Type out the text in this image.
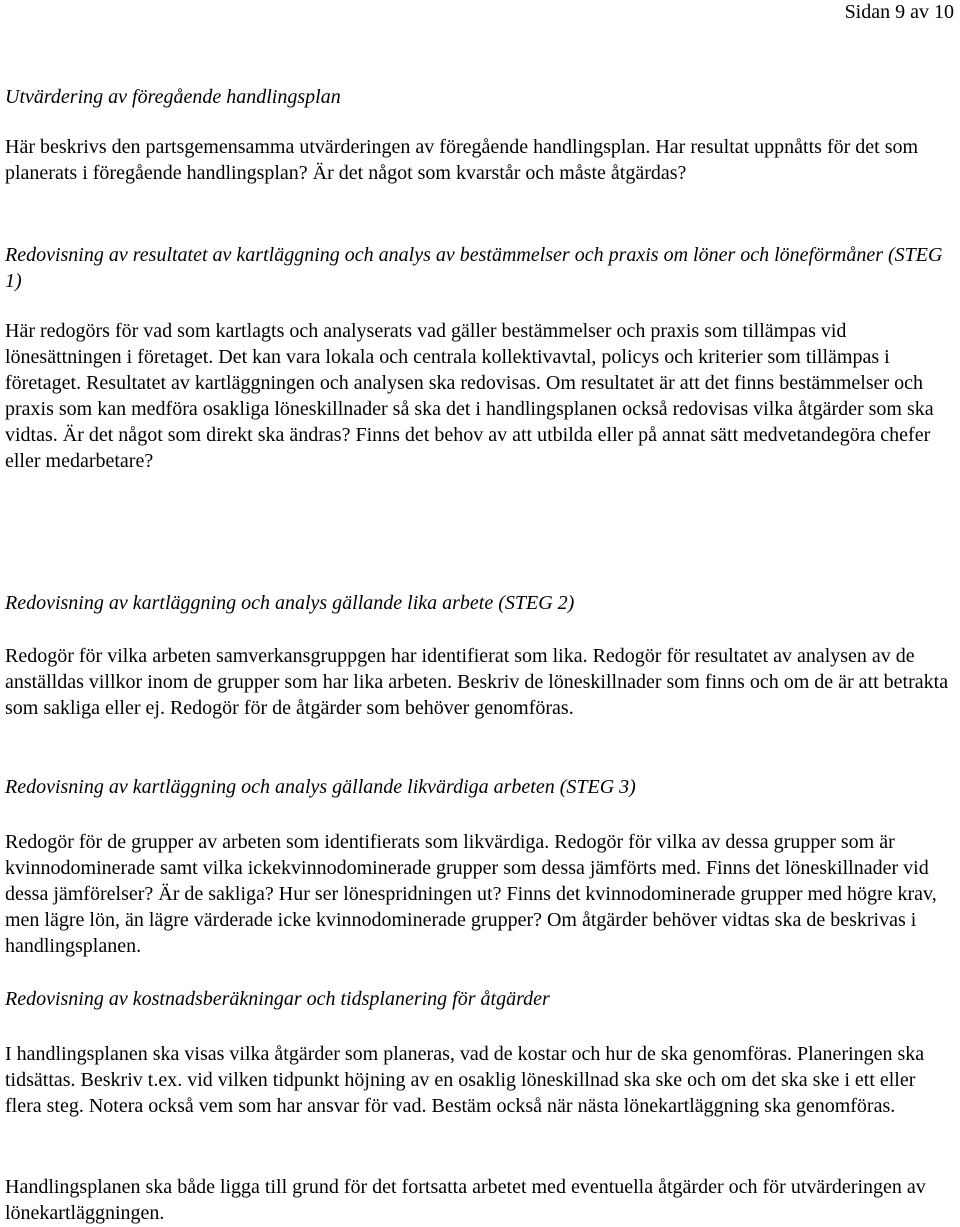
Sidan 9 av 10

Utvärdering av föregående handlingsplan

Här beskrivs den partsgemensamma utvärderingen av föregående handlingsplan. Har resultat uppnåtts för det som planerats i föregående handlingsplan? Är det något som kvarstår och måste åtgärdas?

Redovisning av resultatet av kartläggning och analys av bestämmelser och praxis om löner och löneförmåner (STEG 1)

Här redogörs för vad som kartlagts och analyserats vad gäller bestämmelser och praxis som tillämpas vid lönesättningen i företaget. Det kan vara lokala och centrala kollektivavtal, policys och kriterier som tillämpas i företaget. Resultatet av kartläggningen och analysen ska redovisas. Om resultatet är att det finns bestämmelser och praxis som kan medföra osakliga löneskillnader så ska det i handlingsplanen också redovisas vilka åtgärder som ska vidtas. Är det något som direkt ska ändras? Finns det behov av att utbilda eller på annat sätt medvetandegöra chefer eller medarbetare?

Redovisning av kartläggning och analys gällande lika arbete (STEG 2)

Redogör för vilka arbeten samverkansgruppgen har identifierat som lika. Redogör för resultatet av analysen av de anställdas villkor inom de grupper som har lika arbeten. Beskriv de löneskillnader som finns och om de är att betrakta som sakliga eller ej. Redogör för de åtgärder som behöver genomföras.

Redovisning av kartläggning och analys gällande likvärdiga arbeten (STEG 3)

Redogör för de grupper av arbeten som identifierats som likvärdiga. Redogör för vilka av dessa grupper som är kvinnodominerade samt vilka ickekvinnodominerade grupper som dessa jämförts med. Finns det löneskillnader vid dessa jämförelser? Är de sakliga? Hur ser lönespridningen ut? Finns det kvinnodominerade grupper med högre krav, men lägre lön, än lägre värderade icke kvinnodominerade grupper? Om åtgärder behöver vidtas ska de beskrivas i handlingsplanen.

Redovisning av kostnadsberäkningar och tidsplanering för åtgärder

I handlingsplanen ska visas vilka åtgärder som planeras, vad de kostar och hur de ska genomföras. Planeringen ska tidsättas. Beskriv t.ex. vid vilken tidpunkt höjning av en osaklig löneskillnad ska ske och om det ska ske i ett eller flera steg. Notera också vem som har ansvar för vad. Bestäm också när nästa lönekartläggning ska genomföras.

Handlingsplanen ska både ligga till grund för det fortsatta arbetet med eventuella åtgärder och för utvärderingen av lönekartläggningen.
